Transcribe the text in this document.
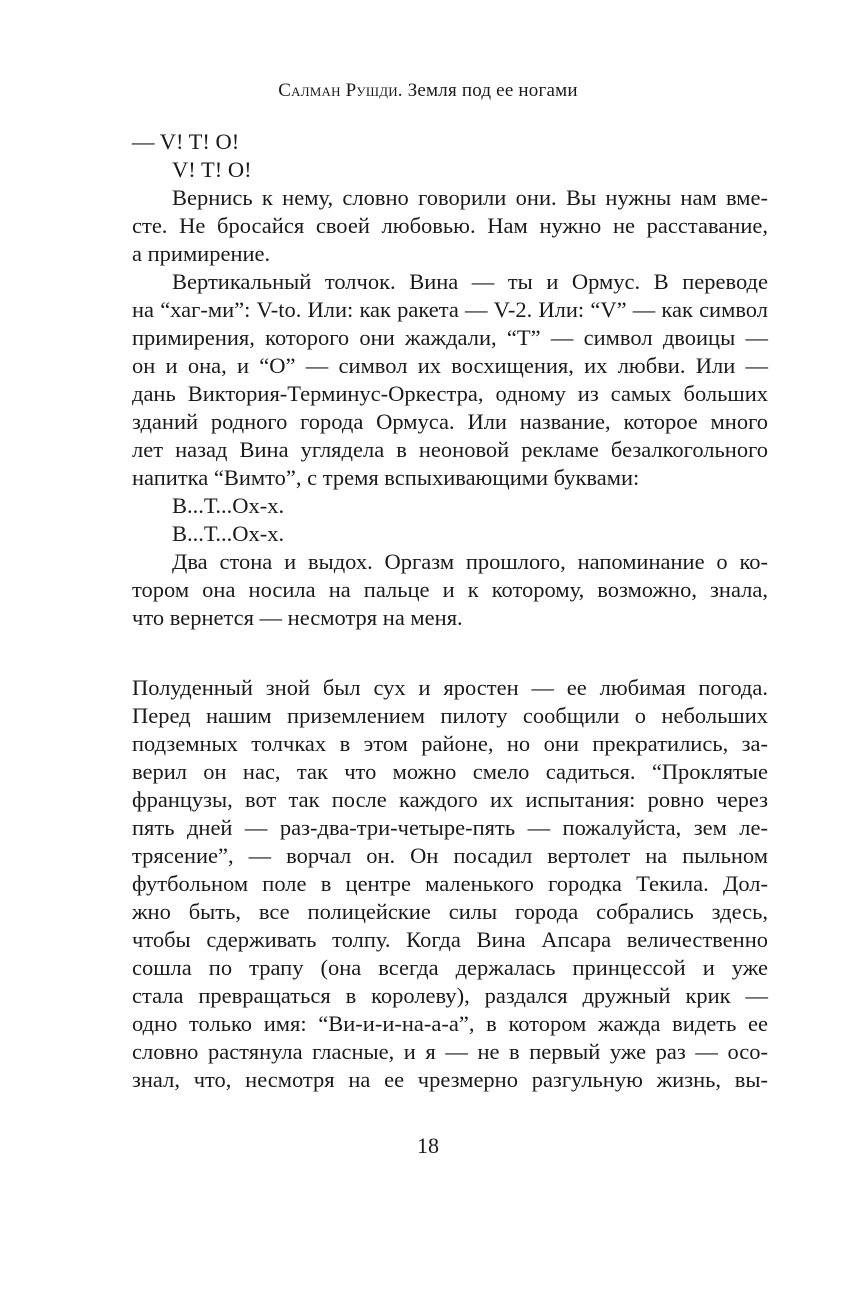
Салман Рушди. Земля под ее ногами
— V! T! O!
V! T! O!
Вернись к нему, словно говорили они. Вы нужны нам вме-
сте. Не бросайся своей любовью. Нам нужно не расставание,
а примирение.
Вертикальный толчок. Вина — ты и Ормус. В переводе
на “хаг-ми”: V-to. Или: как ракета — V-2. Или: “V” — как символ
примирения, которого они жаждали, “T” — символ двоицы —
он и она, и “O” — символ их восхищения, их любви. Или —
дань Виктория-Терминус-Оркестра, одному из самых больших
зданий родного города Ормуса. Или название, которое много
лет назад Вина углядела в неоновой рекламе безалкогольного
напитка “Вимто”, с тремя вспыхивающими буквами:
В...Т...Ох-х.
В...Т...Ох-х.
Два стона и выдох. Оргазм прошлого, напоминание о ко-
тором она носила на пальце и к которому, возможно, знала,
что вернется — несмотря на меня.
Полуденный зной был сух и яростен — ее любимая погода.
Перед нашим приземлением пилоту сообщили о небольших
подземных толчках в этом районе, но они прекратились, за-
верил он нас, так что можно смело садиться. “Проклятые
французы, вот так после каждого их испытания: ровно через
пять дней — раз-два-три-четыре-пять — пожалуйста, зем ле-
трясение”, — ворчал он. Он посадил вертолет на пыльном
футбольном поле в центре маленького городка Текила. Дол-
жно быть, все полицейские силы города собрались здесь,
чтобы сдерживать толпу. Когда Вина Апсара величественно
сошла по трапу (она всегда держалась принцессой и уже
стала превращаться в королеву), раздался дружный крик —
одно только имя: “Ви-и-и-на-а-а”, в котором жажда видеть ее
словно растянула гласные, и я — не в первый уже раз — осо-
знал, что, несмотря на ее чрезмерно разгульную жизнь, вы-
18
